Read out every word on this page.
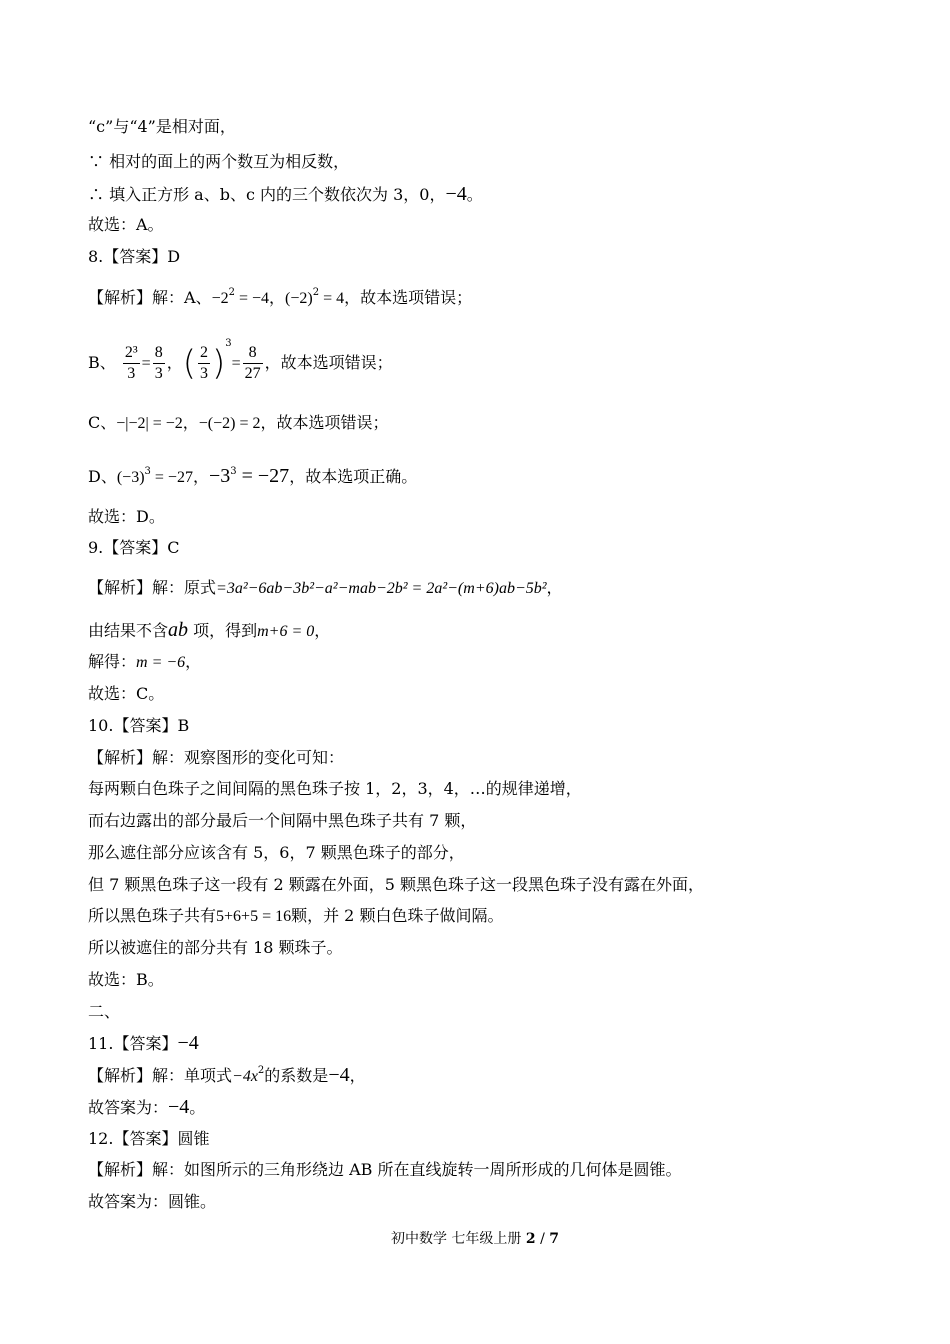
“c”与“4”是相对面，
∵ 相对的面上的两个数互为相反数，
∴ 填入正方形 a、b、c 内的三个数依次为 3，0，−4。
故选：A。
8.【答案】D
【解析】解：A、$-2^2 = -4$，$(-2)^2 = 4$，故本选项错误；
B、 $\frac{\text{2³}}{3} = \frac{8}{3}$ ，( $\frac{2}{3} )^3= \frac{8}{27}$ ，故本选项错误；
C、−|−2| = −2，−(−2) = 2，故本选项错误；
D、$(-3)^3 = -27$，$-3^3 = -27$，故本选项正确。
故选：D。
9.【答案】C
【解析】解：原式=3a²−6ab−3b²−a²−mab−2b² = 2a²−(m+6)ab−5b²，
由结果不含ab 项，得到m+6 = 0，
解得：m = −6，
故选：C。
10.【答案】B
【解析】解：观察图形的变化可知：
每两颗白色珠子之间间隔的黑色珠子按 1，2，3，4，…的规律递增，
而右边露出的部分最后一个间隔中黑色珠子共有 7 颗，
那么遮住部分应该含有 5，6，7 颗黑色珠子的部分，
但 7 颗黑色珠子这一段有 2 颗露在外面，5 颗黑色珠子这一段黑色珠子没有露在外面，
所以黑色珠子共有5+6+5 = 16颗，并 2 颗白色珠子做间隔。
所以被遮住的部分共有 18 颗珠子。
故选：B。
二、
11.【答案】−4
【解析】解：单项式$-4x^2$的系数是−4，
故答案为：−4。
12.【答案】圆锥
【解析】解：如图所示的三角形绕边 AB 所在直线旋转一周所形成的几何体是圆锥。
故答案为：圆锥。
初中数学 七年级上册 2 / 7
